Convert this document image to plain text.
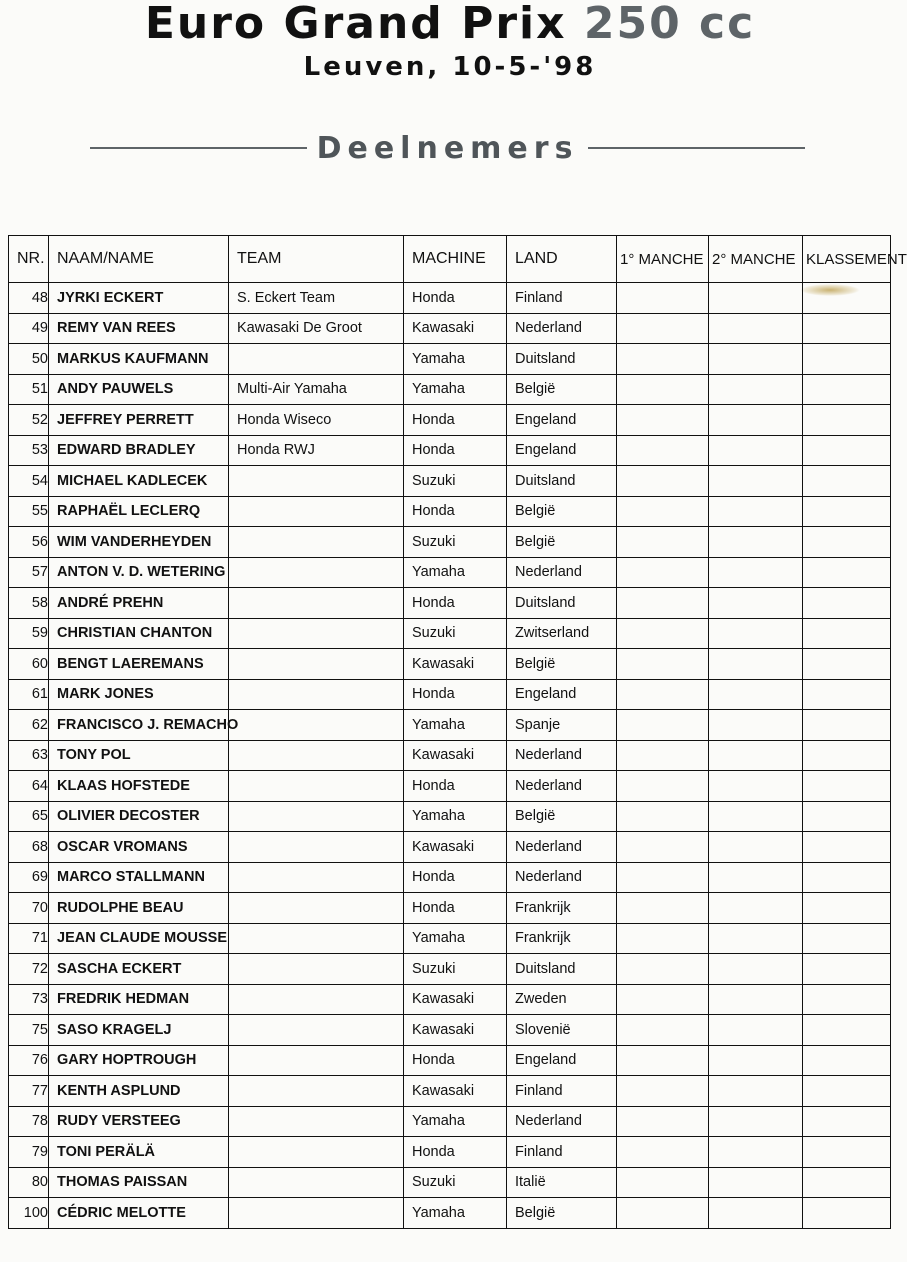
Euro Grand Prix 250 cc
Leuven, 10-5-'98
Deelnemers
NR.	NAAM/NAME	TEAM	MACHINE	LAND	1° MANCHE	2° MANCHE	KLASSEMENT
48	JYRKI ECKERT	S. Eckert Team	Honda	Finland			
49	REMY VAN REES	Kawasaki De Groot	Kawasaki	Nederland			
50	MARKUS KAUFMANN		Yamaha	Duitsland			
51	ANDY PAUWELS	Multi-Air Yamaha	Yamaha	België			
52	JEFFREY PERRETT	Honda Wiseco	Honda	Engeland			
53	EDWARD BRADLEY	Honda RWJ	Honda	Engeland			
54	MICHAEL KADLECEK		Suzuki	Duitsland			
55	RAPHAËL LECLERQ		Honda	België			
56	WIM VANDERHEYDEN		Suzuki	België			
57	ANTON V. D. WETERING		Yamaha	Nederland			
58	ANDRÉ PREHN		Honda	Duitsland			
59	CHRISTIAN CHANTON		Suzuki	Zwitserland			
60	BENGT LAEREMANS		Kawasaki	België			
61	MARK JONES		Honda	Engeland			
62	FRANCISCO J. REMACHO		Yamaha	Spanje			
63	TONY POL		Kawasaki	Nederland			
64	KLAAS HOFSTEDE		Honda	Nederland			
65	OLIVIER DECOSTER		Yamaha	België			
68	OSCAR VROMANS		Kawasaki	Nederland			
69	MARCO STALLMANN		Honda	Nederland			
70	RUDOLPHE BEAU		Honda	Frankrijk			
71	JEAN CLAUDE MOUSSE		Yamaha	Frankrijk			
72	SASCHA ECKERT		Suzuki	Duitsland			
73	FREDRIK HEDMAN		Kawasaki	Zweden			
75	SASO KRAGELJ		Kawasaki	Slovenië			
76	GARY HOPTROUGH		Honda	Engeland			
77	KENTH ASPLUND		Kawasaki	Finland			
78	RUDY VERSTEEG		Yamaha	Nederland			
79	TONI PERÄLÄ		Honda	Finland			
80	THOMAS PAISSAN		Suzuki	Italië			
100	CÉDRIC MELOTTE		Yamaha	België			
